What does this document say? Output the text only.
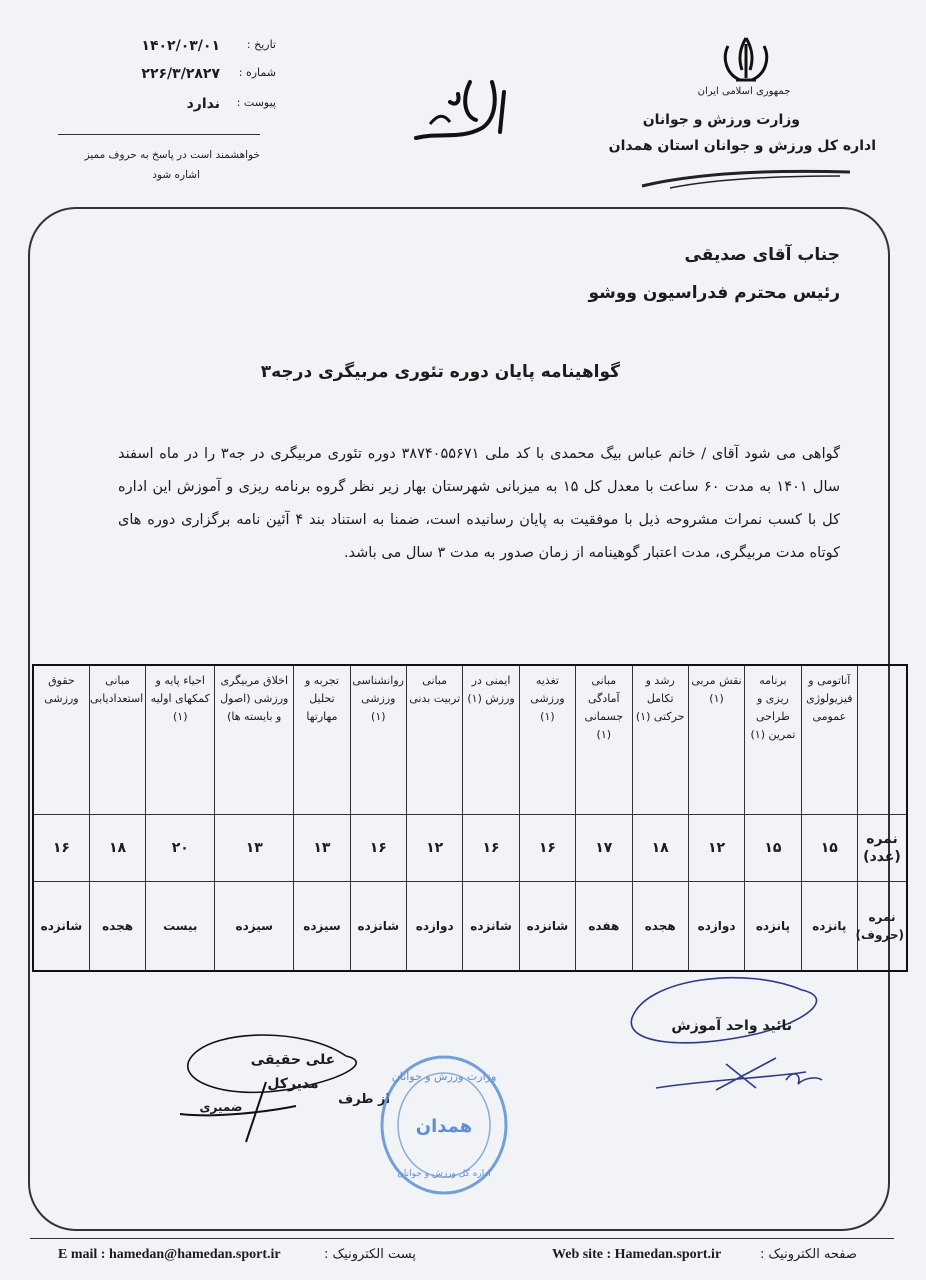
جمهوری اسلامی ایران
وزارت ورزش و جوانان
اداره کل ورزش و جوانان استان همدان
تاریخ :
۱۴۰۲/۰۳/۰۱
شماره :
۲۲۶/۳/۲۸۲۷
پیوست :
ندارد
خواهشمند است در پاسخ به حروف ممیز
اشاره شود
جناب آقای صدیقی
رئیس محترم فدراسیون ووشو
گواهینامه پایان دوره تئوری مربیگری درجه۳
گواهی می شود آقای / خانم عباس بیگ محمدی با کد ملی ۳۸۷۴۰۵۵۶۷۱ دوره تئوری مربیگری در جه۳ را در ماه اسفند سال ۱۴۰۱ به مدت ۶۰ ساعت با معدل کل ۱۵ به میزبانی شهرستان بهار زیر نظر گروه برنامه ریزی و آموزش این اداره کل با کسب نمرات مشروحه ذیل با موفقیت به پایان رسانیده است، ضمنا به استناد بند ۴ آئین نامه برگزاری دوره های کوتاه مدت مربیگری، مدت اعتبار گوهینامه از زمان صدور به مدت ۳ سال می باشد.
	آناتومی و فیزیولوژی عمومی	برنامه ریزی و طراحی تمرین (۱)	نقش مربی (۱)	رشد و تکامل حرکتی (۱)	مبانی آمادگی جسمانی (۱)	تغذیه ورزشی (۱)	ایمنی در ورزش (۱)	مبانی تربیت بدنی	روانشناسی ورزشی (۱)	تجربه و تحلیل مهارتها	اخلاق مربیگری ورزشی (اصول و بایسته ها)	احیاء پایه و کمکهای اولیه (۱)	مبانی استعدادیابی	حقوق ورزشی
نمره (عدد)	۱۵	۱۵	۱۲	۱۸	۱۷	۱۶	۱۶	۱۲	۱۶	۱۳	۱۳	۲۰	۱۸	۱۶
نمره (حروف)	پانزده	پانزده	دوازده	هجده	هفده	شانزده	شانزده	دوازده	شانزده	سیزده	سیزده	بیست	هجده	شانزده
تائید واحد آموزش
علی حقیقی
مدیرکل
ضمیری	از طرف
وزارت ورزش و جوانان
همدان
اداره کل ورزش و جوانان
E mail : hamedan@hamedan.sport.ir	پست الکترونیک :	Web site : Hamedan.sport.ir	صفحه الکترونیک :
